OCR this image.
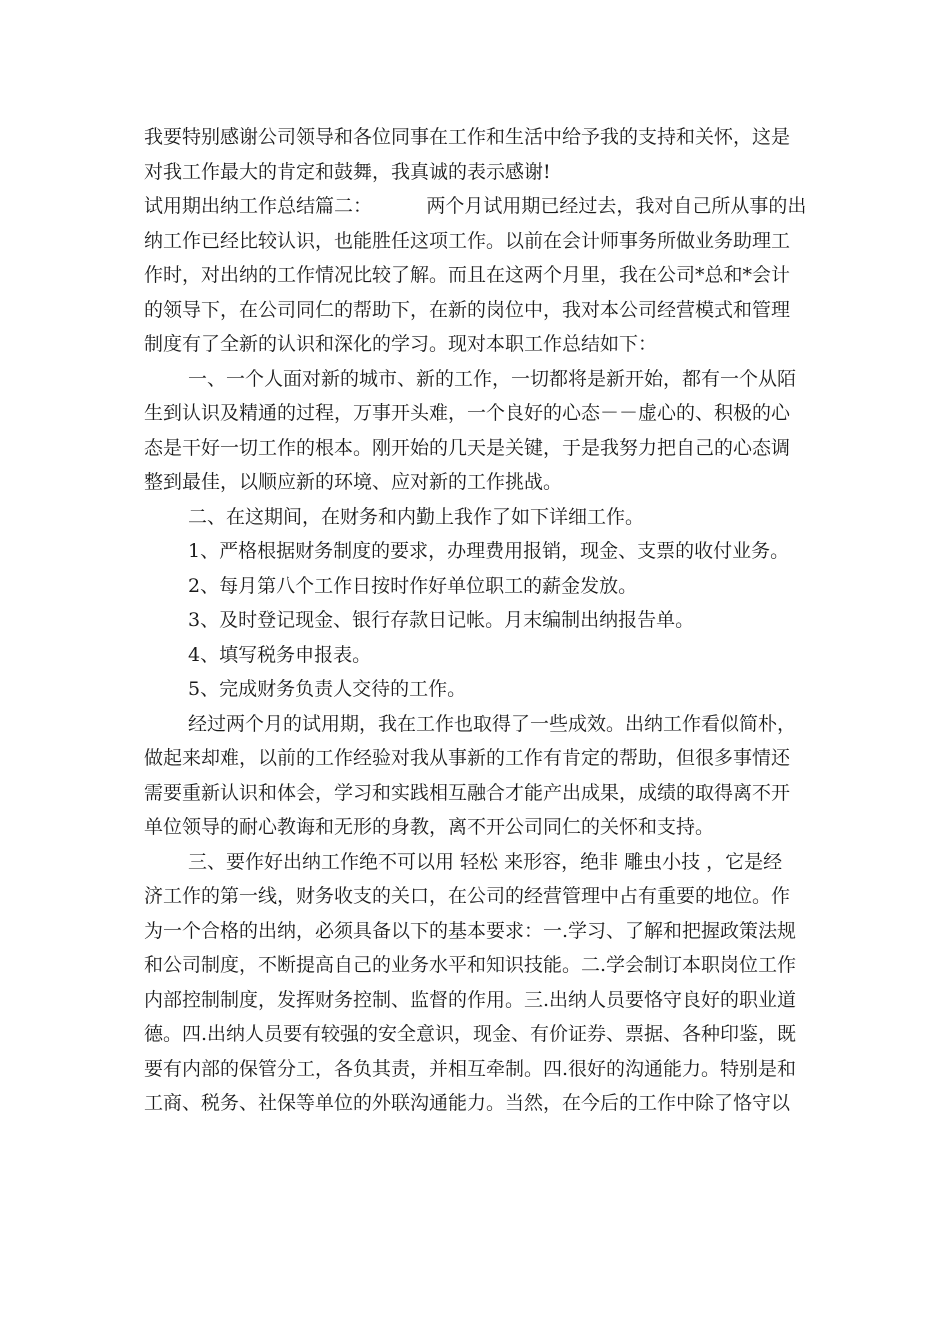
我要特别感谢公司领导和各位同事在工作和生活中给予我的支持和关怀，这是
对我工作最大的肯定和鼓舞，我真诚的表示感谢!
试用期出纳工作总结篇二：         两个月试用期已经过去，我对自己所从事的出
纳工作已经比较认识，也能胜任这项工作。以前在会计师事务所做业务助理工
作时，对出纳的工作情况比较了解。而且在这两个月里，我在公司*总和*会计
的领导下，在公司同仁的帮助下，在新的岗位中，我对本公司经营模式和管理
制度有了全新的认识和深化的学习。现对本职工作总结如下：
一、一个人面对新的城市、新的工作，一切都将是新开始，都有一个从陌
生到认识及精通的过程，万事开头难，一个良好的心态－－虚心的、积极的心
态是干好一切工作的根本。刚开始的几天是关键，于是我努力把自己的心态调
整到最佳，以顺应新的环境、应对新的工作挑战。
二、在这期间，在财务和内勤上我作了如下详细工作。
1、严格根据财务制度的要求，办理费用报销，现金、支票的收付业务。
2、每月第八个工作日按时作好单位职工的薪金发放。
3、及时登记现金、银行存款日记帐。月末编制出纳报告单。
4、填写税务申报表。
5、完成财务负责人交待的工作。
经过两个月的试用期，我在工作也取得了一些成效。出纳工作看似简朴，
做起来却难，以前的工作经验对我从事新的工作有肯定的帮助，但很多事情还
需要重新认识和体会，学习和实践相互融合才能产出成果，成绩的取得离不开
单位领导的耐心教诲和无形的身教，离不开公司同仁的关怀和支持。
三、要作好出纳工作绝不可以用 轻松 来形容，绝非 雕虫小技 ，它是经
济工作的第一线，财务收支的关口，在公司的经营管理中占有重要的地位。作
为一个合格的出纳，必须具备以下的基本要求：一.学习、了解和把握政策法规
和公司制度，不断提高自己的业务水平和知识技能。二.学会制订本职岗位工作
内部控制制度，发挥财务控制、监督的作用。三.出纳人员要恪守良好的职业道
德。四.出纳人员要有较强的安全意识，现金、有价证券、票据、各种印鉴，既
要有内部的保管分工，各负其责，并相互牵制。四.很好的沟通能力。特别是和
工商、税务、社保等单位的外联沟通能力。当然，在今后的工作中除了恪守以
